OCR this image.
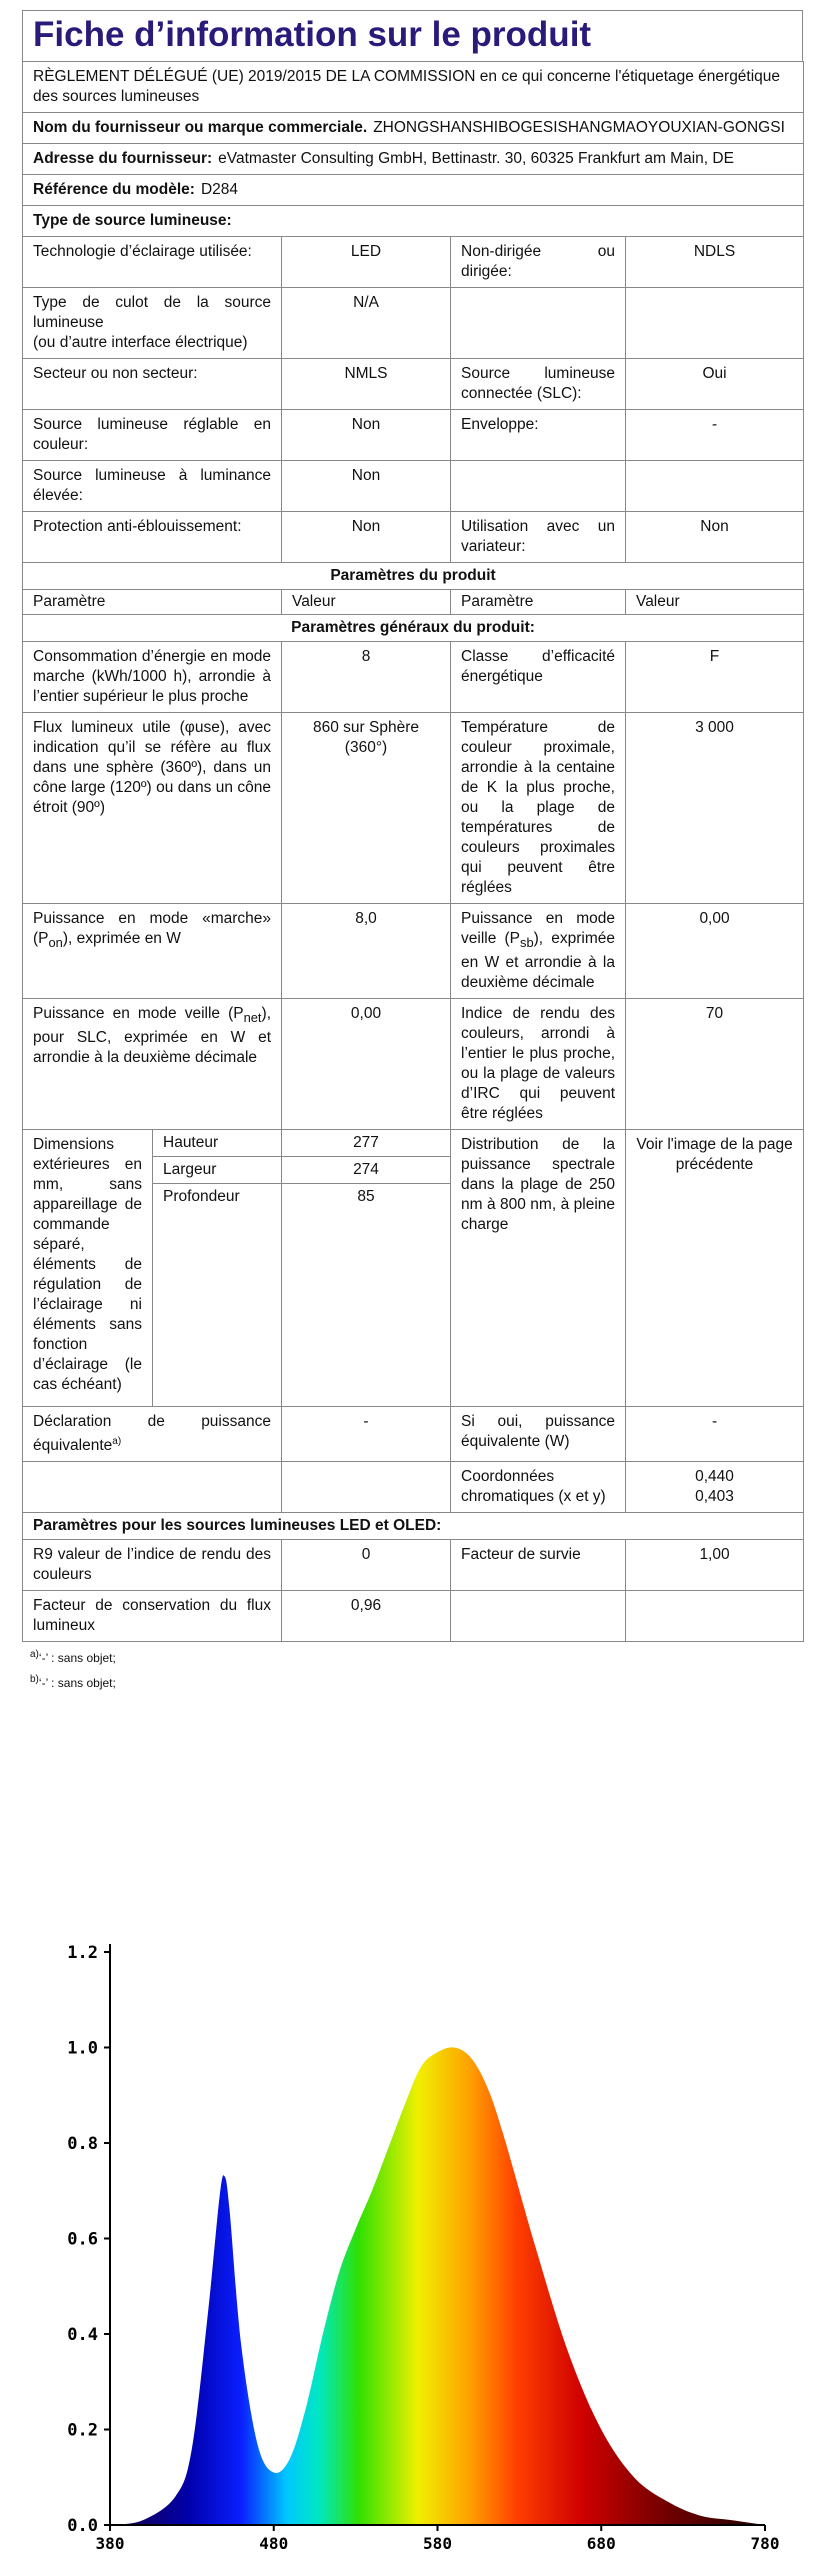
Fiche d’information sur le produit
RÈGLEMENT DÉLÉGUÉ (UE) 2019/2015 DE LA COMMISSION en ce qui concerne l'étiquetage énergétique des sources lumineuses				
Nom du fournisseur ou marque commerciale. ZHONGSHANSHIBOGESISHANGMAOYOUXIAN-GONGSI				
Adresse du fournisseur: eVatmaster Consulting GmbH, Bettinastr. 30, 60325 Frankfurt am Main, DE				
Référence du modèle: D284				
Type de source lumineuse:				
Technologie d’éclairage utilisée:		LED	Non-dirigée ou dirigée:	NDLS
Type de culot de la source lumineuse
(ou d’autre interface électrique)		N/A		
Secteur ou non secteur:		NMLS	Source lumineuse connectée (SLC):	Oui
Source lumineuse réglable en couleur:		Non	Enveloppe:	-
Source lumineuse à luminance élevée:		Non		
Protection anti-éblouissement:		Non	Utilisation avec un variateur:	Non
Paramètres du produit				
Paramètre		Valeur	Paramètre	Valeur
Paramètres généraux du produit:				
Consommation d’énergie en mode marche (kWh/1000 h), arrondie à l’entier supérieur le plus proche		8	Classe d’efficacité énergétique	F
Flux lumineux utile (φuse), avec indication qu’il se réfère au flux dans une sphère (360º), dans un cône large (120º) ou dans un cône étroit (90º)		860 sur Sphère (360°)	Température de couleur proximale, arrondie à la centaine de K la plus proche, ou la plage de températures de couleurs proximales qui peuvent être réglées	3 000
Puissance en mode «marche» $(P_{on})$, exprimée en W		8,0	Puissance en mode veille $(P_{sb})$, exprimée en W et arrondie à la deuxième décimale	0,00
Puissance en mode veille $(P_{net})$, pour SLC, exprimée en W et arrondie à la deuxième décimale		0,00	Indice de rendu des couleurs, arrondi à l’entier le plus proche, ou la plage de valeurs d’IRC qui peuvent être réglées	70
Dimensions extérieures en mm, sans appareillage de commande séparé, éléments de régulation de l’éclairage ni éléments sans fonction d’éclairage (le cas échéant)	Hauteur	277	Distribution de la puissance spectrale dans la plage de 250 nm à 800 nm, à pleine charge	Voir l'image de la page précédente
	Largeur	274		
	Profondeur	85		
Déclaration de puissance équivalente$^{a)}$		-	Si oui, puissance équivalente (W)	-
			Coordonnées chromatiques (x et y)	0,440
0,403

Paramètres pour les sources lumineuses LED et OLED:				
R9 valeur de l’indice de rendu des couleurs		0	Facteur de survie	1,00
Facteur de conservation du flux lumineux		0,96		
$^{a)}$‘-’ : sans objet;
$^{b)}$‘-’ : sans objet;
0.0
0.2
0.4
0.6
0.8
1.0
1.2
380	480	580	680	780
